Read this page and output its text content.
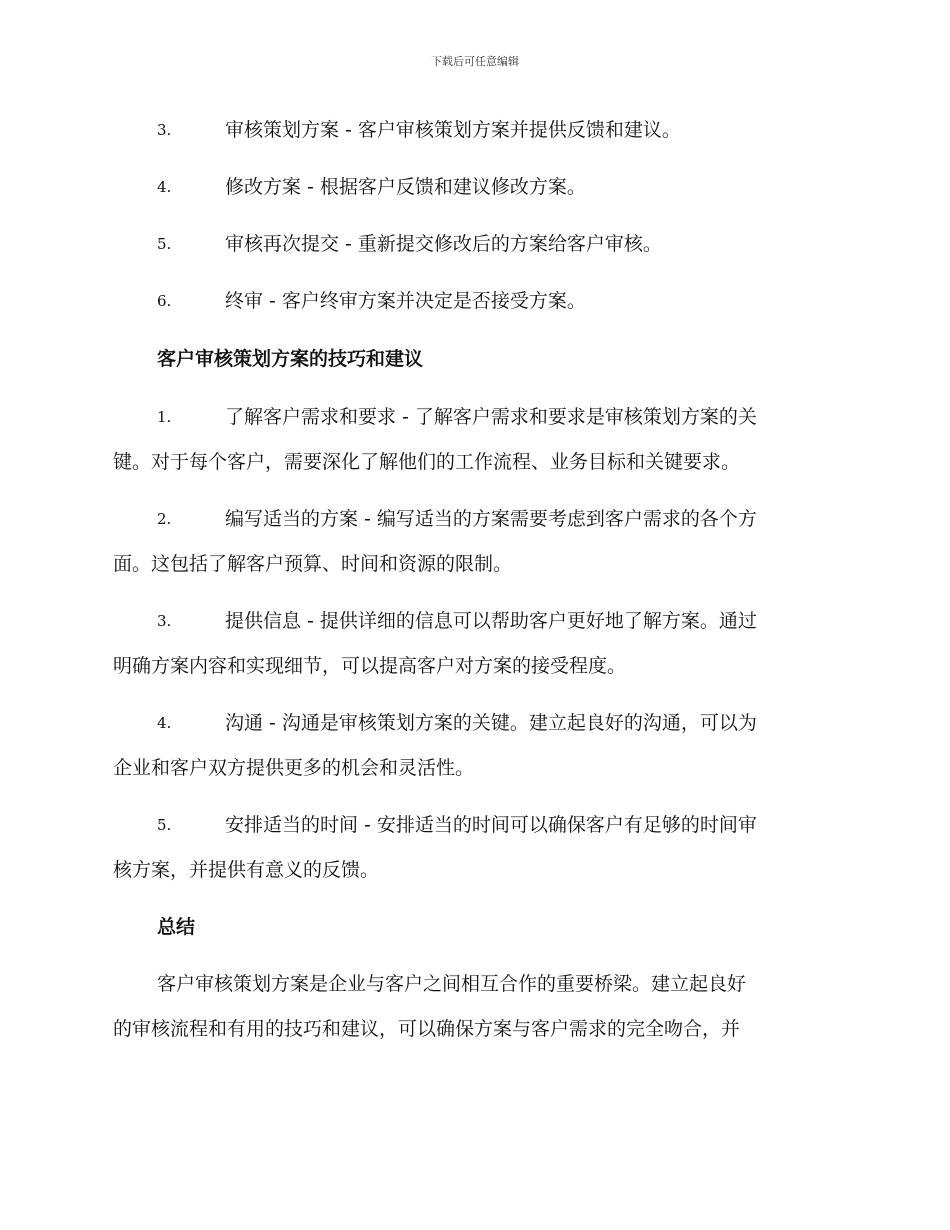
下载后可任意编辑
3.	审核策划方案 - 客户审核策划方案并提供反馈和建议。
4.	修改方案 - 根据客户反馈和建议修改方案。
5.	审核再次提交 - 重新提交修改后的方案给客户审核。
6.	终审 - 客户终审方案并决定是否接受方案。
客户审核策划方案的技巧和建议
1.	了解客户需求和要求 - 了解客户需求和要求是审核策划方案的关
键。对于每个客户，需要深化了解他们的工作流程、业务目标和关键要求。
2.	编写适当的方案 - 编写适当的方案需要考虑到客户需求的各个方
面。这包括了解客户预算、时间和资源的限制。
3.	提供信息 - 提供详细的信息可以帮助客户更好地了解方案。通过
明确方案内容和实现细节，可以提高客户对方案的接受程度。
4.	沟通 - 沟通是审核策划方案的关键。建立起良好的沟通，可以为
企业和客户双方提供更多的机会和灵活性。
5.	安排适当的时间 - 安排适当的时间可以确保客户有足够的时间审
核方案，并提供有意义的反馈。
总结
客户审核策划方案是企业与客户之间相互合作的重要桥梁。建立起良好
的审核流程和有用的技巧和建议，可以确保方案与客户需求的完全吻合，并
